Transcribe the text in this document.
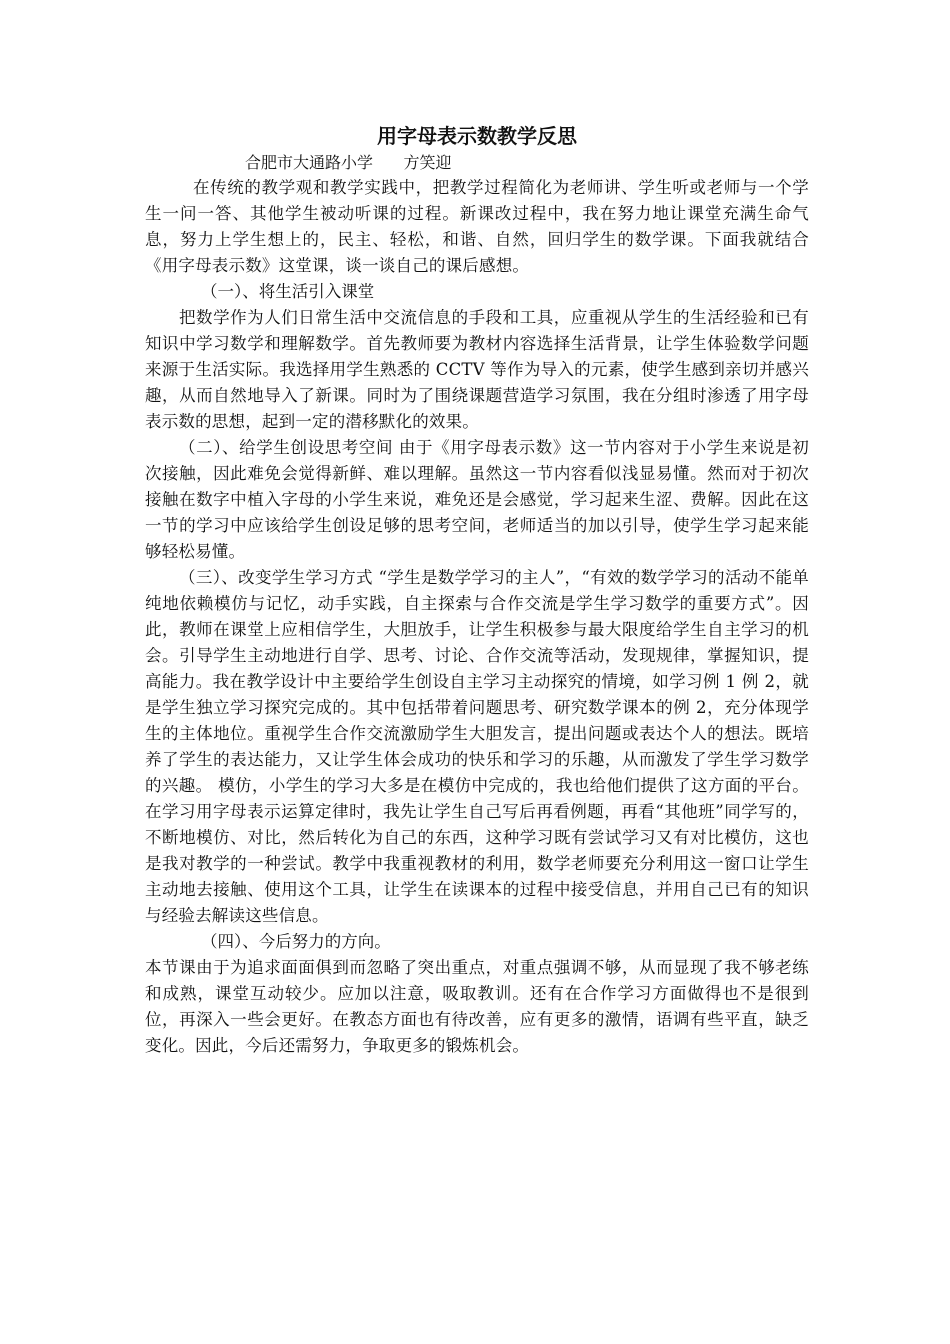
用字母表示数教学反思
合肥市大通路小学      方笑迎

在传统的教学观和教学实践中，把教学过程简化为老师讲、学生听或老师与一个学生一问一答、其他学生被动听课的过程。新课改过程中，我在努力地让课堂充满生命气息，努力上学生想上的，民主、轻松，和谐、自然，回归学生的数学课。下面我就结合《用字母表示数》这堂课，谈一谈自己的课后感想。

（一）、将生活引入课堂

把数学作为人们日常生活中交流信息的手段和工具，应重视从学生的生活经验和已有知识中学习数学和理解数学。首先教师要为教材内容选择生活背景，让学生体验数学问题来源于生活实际。我选择用学生熟悉的 CCTV 等作为导入的元素，使学生感到亲切并感兴趣，从而自然地导入了新课。同时为了围绕课题营造学习氛围，我在分组时渗透了用字母表示数的思想，起到一定的潜移默化的效果。

（二）、给学生创设思考空间 由于《用字母表示数》这一节内容对于小学生来说是初次接触，因此难免会觉得新鲜、难以理解。虽然这一节内容看似浅显易懂。然而对于初次接触在数字中植入字母的小学生来说，难免还是会感觉，学习起来生涩、费解。因此在这一节的学习中应该给学生创设足够的思考空间，老师适当的加以引导，使学生学习起来能够轻松易懂。

（三）、改变学生学习方式 “学生是数学学习的主人”，“有效的数学学习的活动不能单纯地依赖模仿与记忆，动手实践，自主探索与合作交流是学生学习数学的重要方式”。因此，教师在课堂上应相信学生，大胆放手，让学生积极参与最大限度给学生自主学习的机会。引导学生主动地进行自学、思考、讨论、合作交流等活动，发现规律，掌握知识，提高能力。我在教学设计中主要给学生创设自主学习主动探究的情境，如学习例 1 例 2，就是学生独立学习探究完成的。其中包括带着问题思考、研究数学课本的例 2，充分体现学生的主体地位。重视学生合作交流激励学生大胆发言，提出问题或表达个人的想法。既培养了学生的表达能力，又让学生体会成功的快乐和学习的乐趣，从而激发了学生学习数学的兴趣。 模仿，小学生的学习大多是在模仿中完成的，我也给他们提供了这方面的平台。在学习用字母表示运算定律时，我先让学生自己写后再看例题，再看“其他班”同学写的，不断地模仿、对比，然后转化为自己的东西，这种学习既有尝试学习又有对比模仿，这也是我对教学的一种尝试。教学中我重视教材的利用，数学老师要充分利用这一窗口让学生主动地去接触、使用这个工具，让学生在读课本的过程中接受信息，并用自己已有的知识与经验去解读这些信息。

（四）、今后努力的方向。

本节课由于为追求面面俱到而忽略了突出重点，对重点强调不够，从而显现了我不够老练和成熟，课堂互动较少。应加以注意，吸取教训。还有在合作学习方面做得也不是很到位，再深入一些会更好。在教态方面也有待改善，应有更多的激情，语调有些平直，缺乏变化。因此，今后还需努力，争取更多的锻炼机会。
